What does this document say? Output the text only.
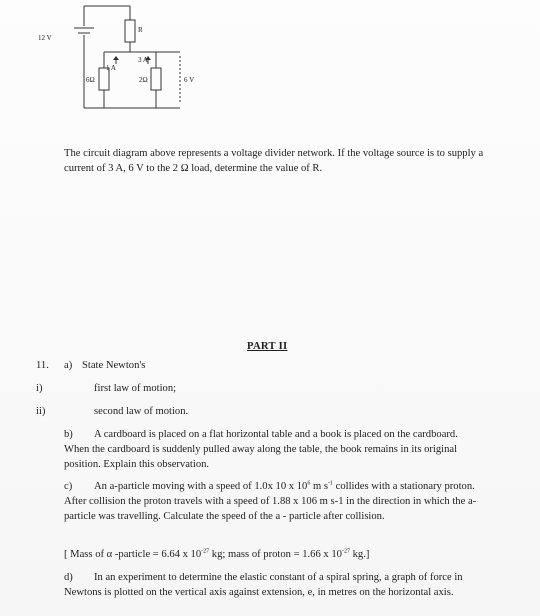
12 V
R
1 A
3 A
6Ω	2Ω	6 V

The circuit diagram above represents a voltage divider network. If the voltage source is to supply a current of 3 A, 6 V to the 2 Ω load, determine the value of R.

PART II
11. a) State Newton's
i)	first law of motion;
ii)	second law of motion.

b) A cardboard is placed on a flat horizontal table and a book is placed on the cardboard. When the cardboard is suddenly pulled away along the table, the book remains in its original position. Explain this observation.

c) An a-particle moving with a speed of 1.0x 10 x $10^6$ m $s^{-1}$ collides with a stationary proton. After collision the proton travels with a speed of 1.88 x 106 m s-1 in the direction in which the a- particle was travelling. Calculate the speed of the a - particle after collision.

[ Mass of α -particle = 6.64 x $10^{-27}$ kg; mass of proton = 1.66 x $10^{-27}$ kg.]

d) In an experiment to determine the elastic constant of a spiral spring, a graph of force in Newtons is plotted on the vertical axis against extension, e, in metres on the horizontal axis.
